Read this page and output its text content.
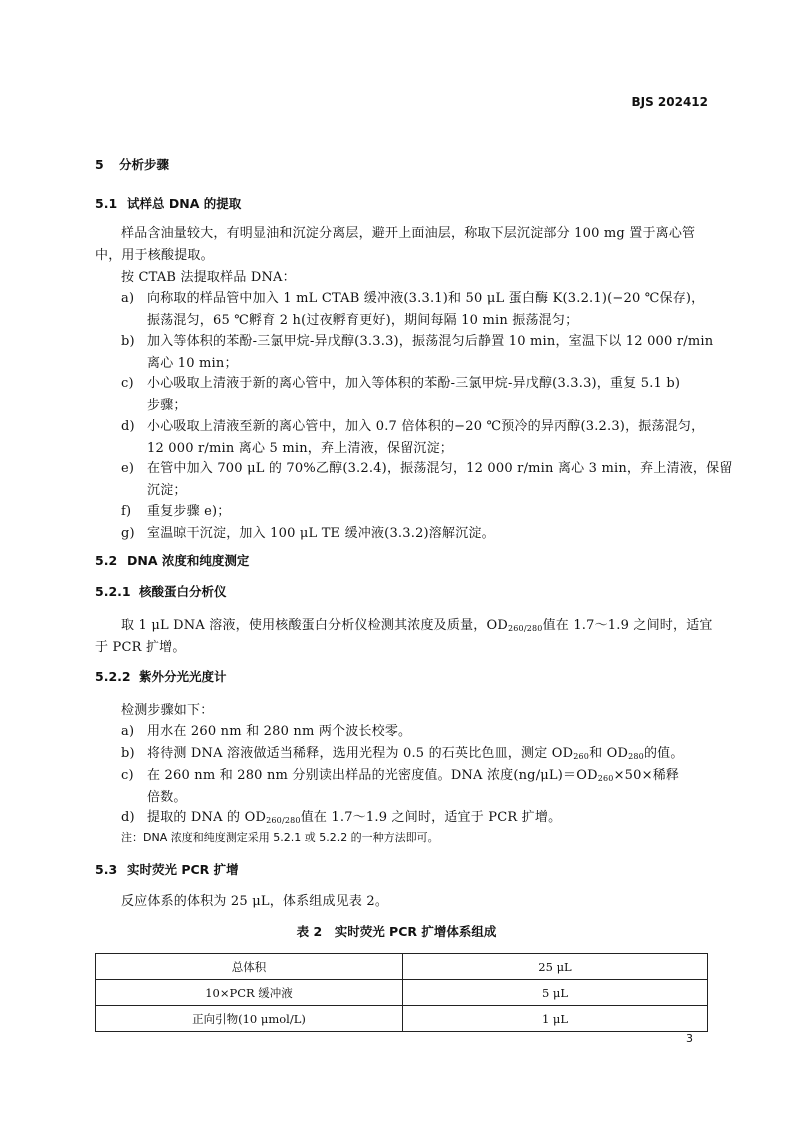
BJS 202412
5 分析步骤
5.1 试样总 DNA 的提取
样品含油量较大，有明显油和沉淀分离层，避开上面油层，称取下层沉淀部分 100 mg 置于离心管
中，用于核酸提取。
按 CTAB 法提取样品 DNA：
a) 向称取的样品管中加入 1 mL CTAB 缓冲液(3.3.1)和 50 μL 蛋白酶 K(3.2.1)(−20 ℃保存)，
振荡混匀，65 ℃孵育 2 h(过夜孵育更好)，期间每隔 10 min 振荡混匀；
b) 加入等体积的苯酚-三氯甲烷-异戊醇(3.3.3)，振荡混匀后静置 10 min，室温下以 12 000 r/min
离心 10 min；
c) 小心吸取上清液于新的离心管中，加入等体积的苯酚-三氯甲烷-异戊醇(3.3.3)，重复 5.1 b)
步骤；
d) 小心吸取上清液至新的离心管中，加入 0.7 倍体积的−20 ℃预冷的异丙醇(3.2.3)，振荡混匀，
12 000 r/min 离心 5 min，弃上清液，保留沉淀；
e) 在管中加入 700 μL 的 70%乙醇(3.2.4)，振荡混匀，12 000 r/min 离心 3 min，弃上清液，保留
沉淀；
f) 重复步骤 e)；
g) 室温晾干沉淀，加入 100 μL TE 缓冲液(3.3.2)溶解沉淀。
5.2 DNA 浓度和纯度测定
5.2.1 核酸蛋白分析仪
取 1 μL DNA 溶液，使用核酸蛋白分析仪检测其浓度及质量，$OD_{260/280}$值在 1.7～1.9 之间时，适宜
于 PCR 扩增。
5.2.2 紫外分光光度计
检测步骤如下：
a) 用水在 260 nm 和 280 nm 两个波长校零。
b) 将待测 DNA 溶液做适当稀释，选用光程为 0.5 的石英比色皿，测定 $OD_{260}$和 $OD_{280}$的值。
c) 在 260 nm 和 280 nm 分别读出样品的光密度值。DNA 浓度$(ng/\mu L)=OD_{260}\times 50\times$稀释
倍数。
d) 提取的 DNA 的 $OD_{260/280}$值在 1.7～1.9 之间时，适宜于 PCR 扩增。
注：DNA 浓度和纯度测定采用 5.2.1 或 5.2.2 的一种方法即可。
5.3 实时荧光 PCR 扩增
反应体系的体积为 25 μL，体系组成见表 2。
表 2　实时荧光 PCR 扩增体系组成
总体积	25 μL
10×PCR 缓冲液	5 μL
正向引物(10 μmol/L)	1 μL
3
